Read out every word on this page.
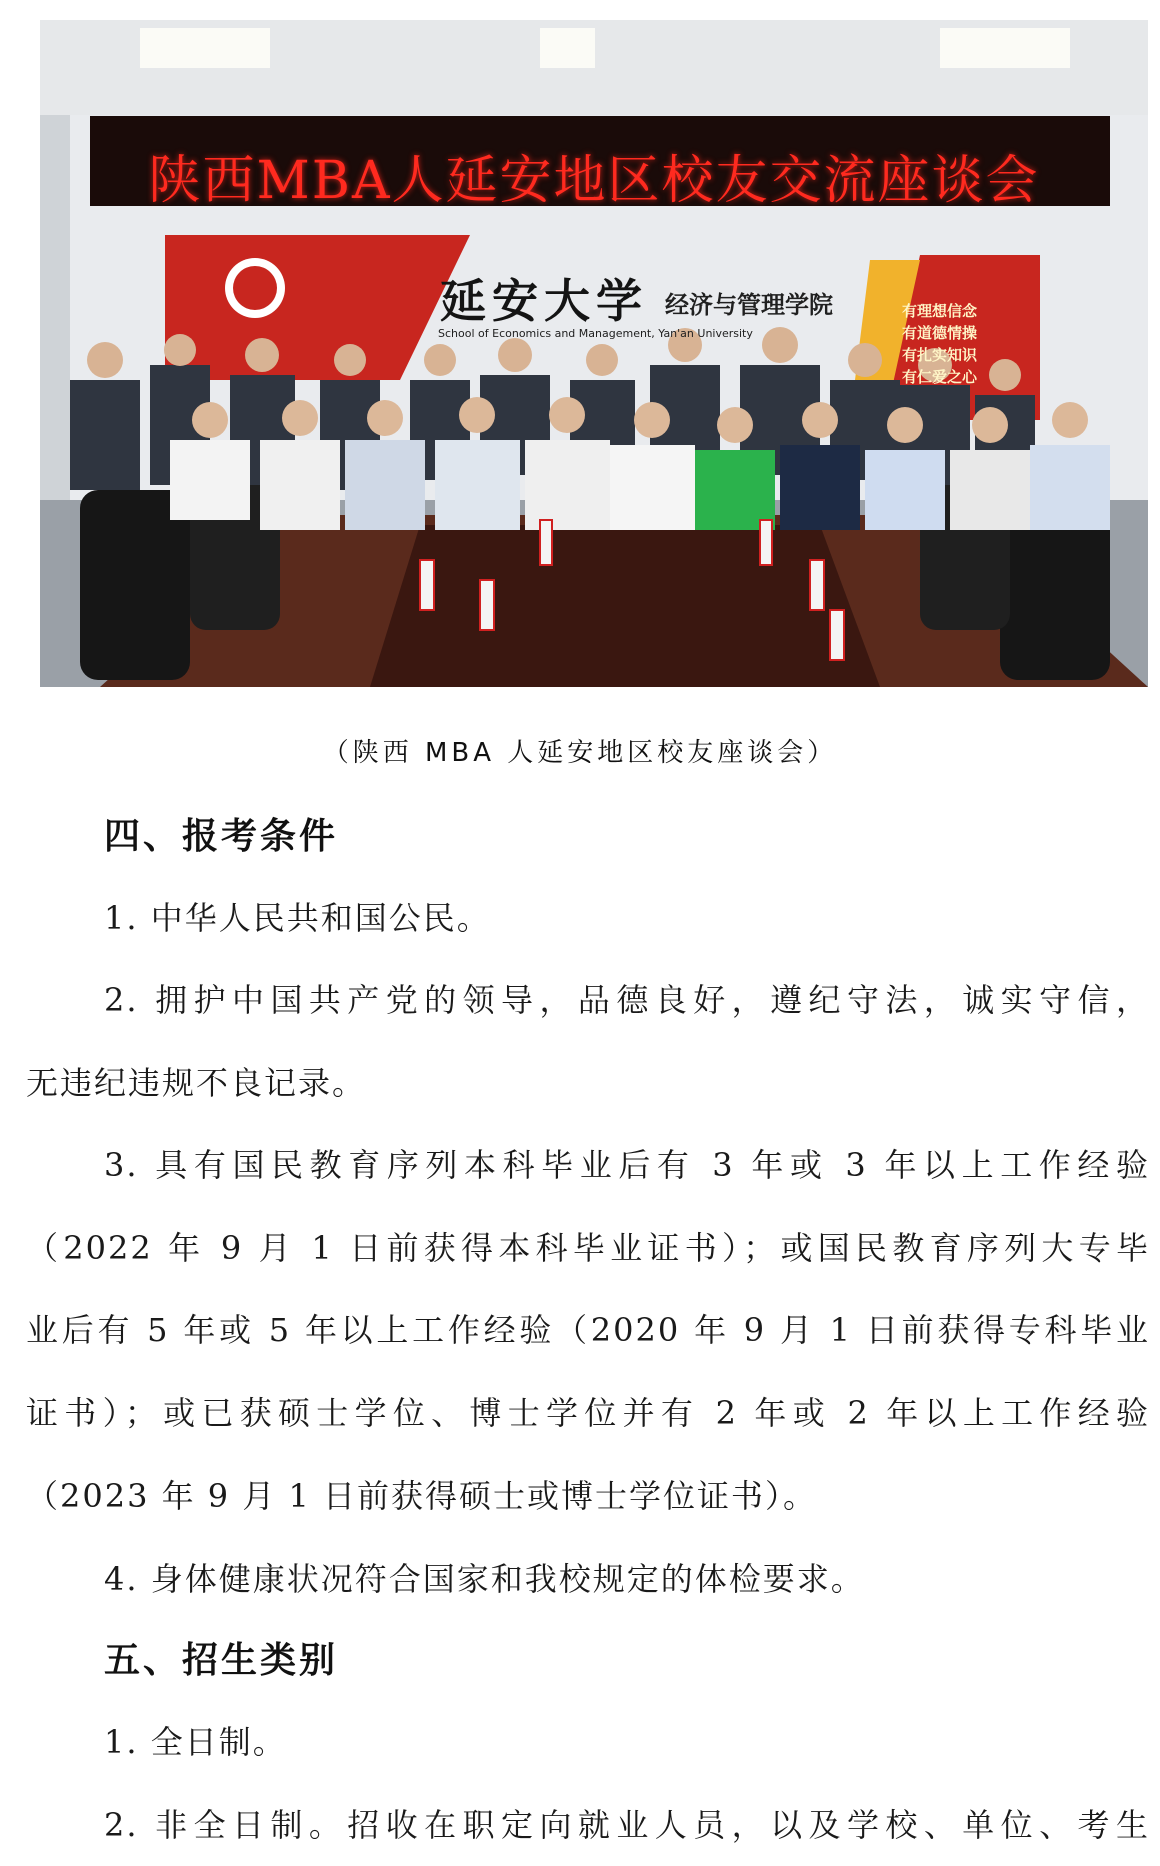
陕西MBA人延安地区校友交流座谈会
延安大学 经济与管理学院
School of Economics and Management, Yan'an University
有理想信念
有道德情操
有扎实知识
有仁爱之心
（陕西 MBA 人延安地区校友座谈会）
四、报考条件
1. 中华人民共和国公民。
2. 拥护中国共产党的领导，品德良好，遵纪守法，诚实守信，
无违纪违规不良记录。
3. 具有国民教育序列本科毕业后有 3 年或 3 年以上工作经验
（2022 年 9 月 1 日前获得本科毕业证书）；或国民教育序列大专毕
业后有 5 年或 5 年以上工作经验（2020 年 9 月 1 日前获得专科毕业
证书）；或已获硕士学位、博士学位并有 2 年或 2 年以上工作经验
（2023 年 9 月 1 日前获得硕士或博士学位证书）。
4. 身体健康状况符合国家和我校规定的体检要求。
五、招生类别
1. 全日制。
2. 非全日制。招收在职定向就业人员，以及学校、单位、考生
